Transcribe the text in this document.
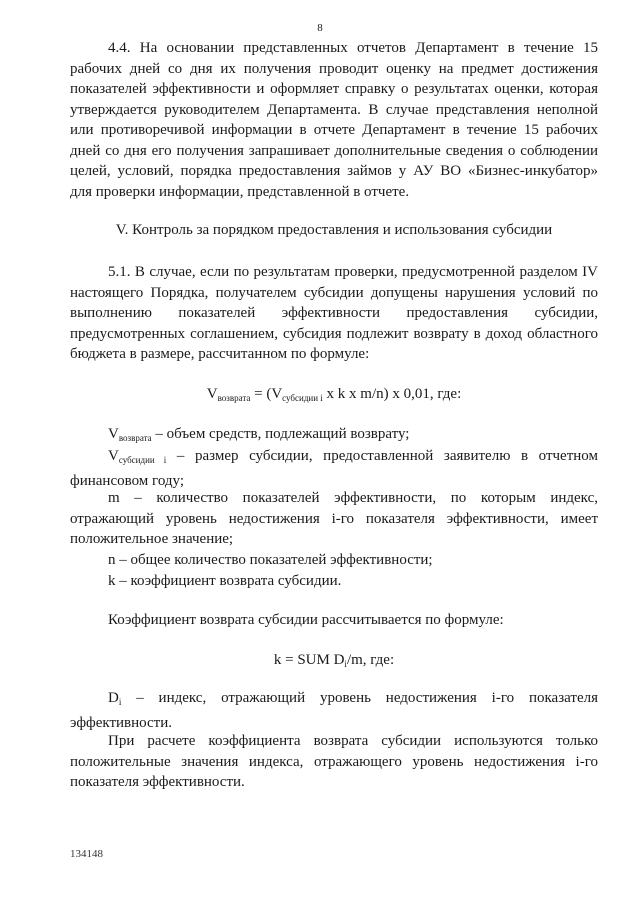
8
4.4. На основании представленных отчетов Департамент в течение 15 рабочих дней со дня их получения проводит оценку на предмет достижения показателей эффективности и оформляет справку о результатах оценки, которая утверждается руководителем Департамента. В случае представления неполной или противоречивой информации в отчете Департамент в течение 15 рабочих дней со дня его получения запрашивает дополнительные сведения о соблюдении целей, условий, порядка предоставления займов у АУ ВО «Бизнес-инкубатор» для проверки информации, представленной в отчете.
V. Контроль за порядком предоставления и использования субсидии
5.1. В случае, если по результатам проверки, предусмотренной разделом IV настоящего Порядка, получателем субсидии допущены нарушения условий по выполнению показателей эффективности предоставления субсидии, предусмотренных соглашением, субсидия подлежит возврату в доход областного бюджета в размере, рассчитанном по формуле:
$V_{возврата} = (V_{субсидии i}$ x k x m/n) x 0,01, где:
$V_{возврата}$ – объем средств, подлежащий возврату;
$V_{субсидии i}$ – размер субсидии, предоставленной заявителю в отчетном финансовом году;
m – количество показателей эффективности, по которым индекс, отражающий уровень недостижения i-го показателя эффективности, имеет положительное значение;
n – общее количество показателей эффективности;
k – коэффициент возврата субсидии.
Коэффициент возврата субсидии рассчитывается по формуле:
k = SUM $D_i/m$, где:
$D_i$ – индекс, отражающий уровень недостижения i-го показателя эффективности.
При расчете коэффициента возврата субсидии используются только положительные значения индекса, отражающего уровень недостижения i-го показателя эффективности.
134148
